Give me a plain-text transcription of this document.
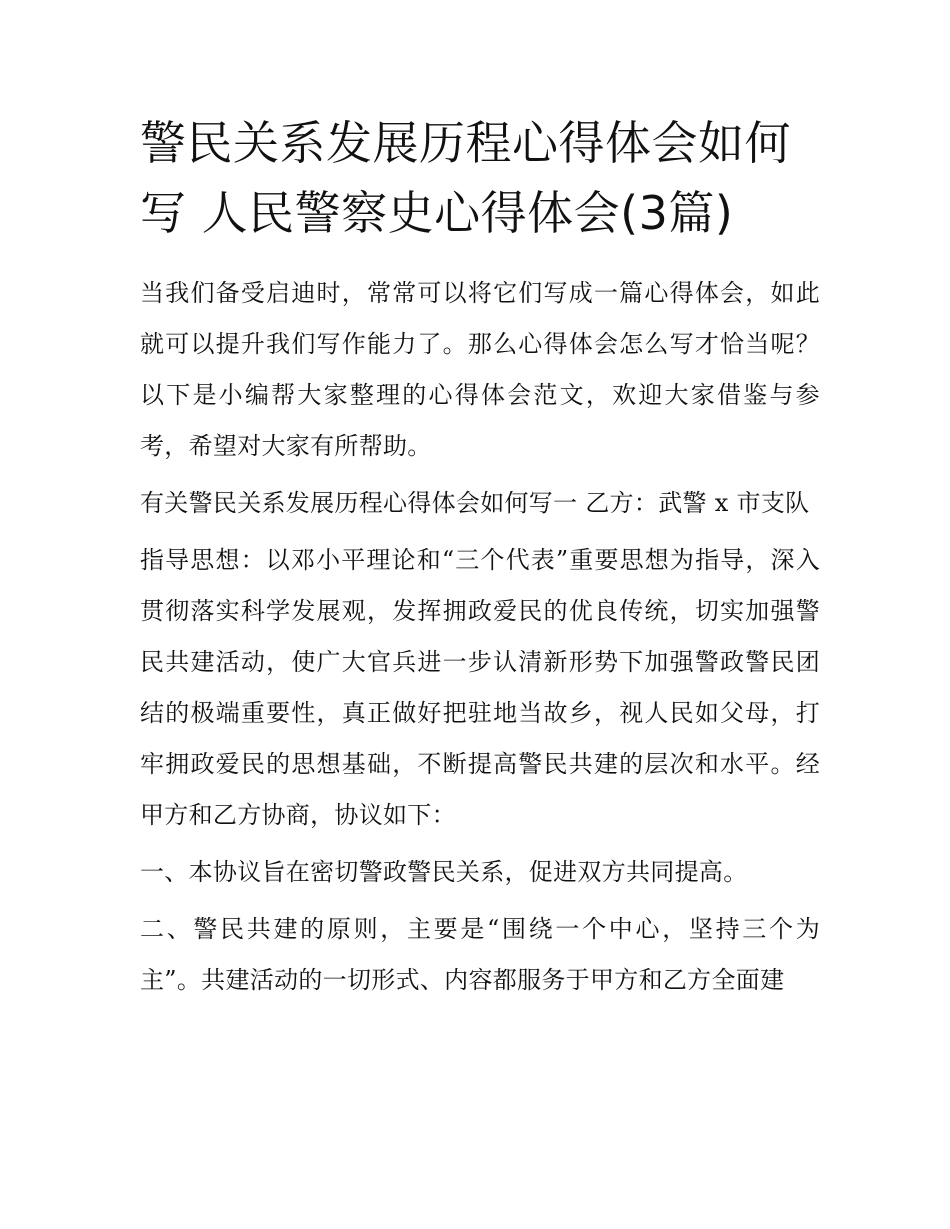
警民关系发展历程心得体会如何写 人民警察史心得体会(3篇)

当我们备受启迪时，常常可以将它们写成一篇心得体会，如此就可以提升我们写作能力了。那么心得体会怎么写才恰当呢？以下是小编帮大家整理的心得体会范文，欢迎大家借鉴与参考，希望对大家有所帮助。

有关警民关系发展历程心得体会如何写一 乙方：武警 x 市支队

指导思想：以邓小平理论和“三个代表”重要思想为指导，深入贯彻落实科学发展观，发挥拥政爱民的优良传统，切实加强警民共建活动，使广大官兵进一步认清新形势下加强警政警民团结的极端重要性，真正做好把驻地当故乡，视人民如父母，打牢拥政爱民的思想基础，不断提高警民共建的层次和水平。经甲方和乙方协商，协议如下：

一、本协议旨在密切警政警民关系，促进双方共同提高。

二、警民共建的原则，主要是“围绕一个中心，坚持三个为主”。共建活动的一切形式、内容都服务于甲方和乙方全面建
